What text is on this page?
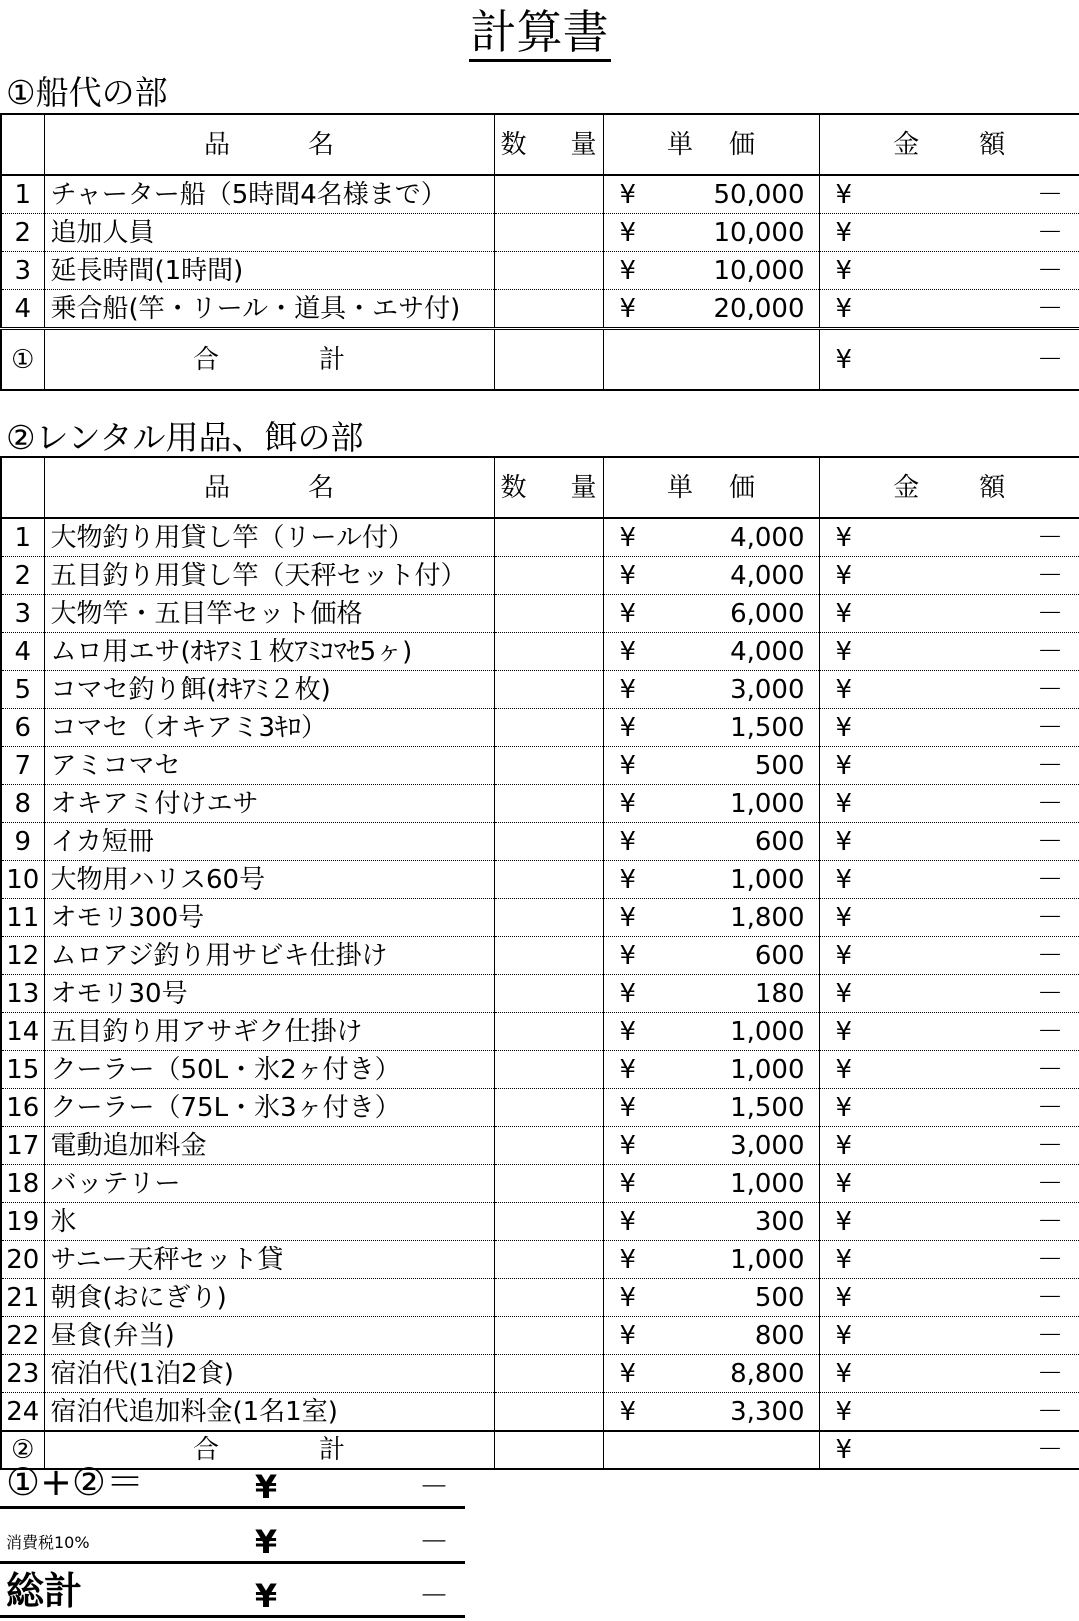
計算書
①船代の部

	品 名	数 量	単 価	金 額

1	チャーター船（5時間4名様まで）		¥ 50,000	¥ －

2	追加人員		¥ 10,000	¥ －

3	延長時間(1時間)		¥ 10,000	¥ －

4	乗合船(竿・リール・道具・エサ付)		¥ 20,000	¥ －

①	合 計			¥ －
②レンタル用品、餌の部

	品 名	数 量	単 価	金 額

1	大物釣り用貸し竿（リール付）		¥ 4,000	¥ －

2	五目釣り用貸し竿（天秤セット付）		¥ 4,000	¥ －

3	大物竿・五目竿セット価格		¥ 6,000	¥ －

4	ムロ用エサ(ｵｷｱﾐ１枚ｱﾐｺﾏｾ5ヶ)		¥ 4,000	¥ －

5	コマセ釣り餌(ｵｷｱﾐ２枚)		¥ 3,000	¥ －

6	コマセ（オキアミ3ｷﾛ）		¥ 1,500	¥ －

7	アミコマセ		¥ 500	¥ －

8	オキアミ付けエサ		¥ 1,000	¥ －

9	イカ短冊		¥ 600	¥ －

10	大物用ハリス60号		¥ 1,000	¥ －

11	オモリ300号		¥ 1,800	¥ －

12	ムロアジ釣り用サビキ仕掛け		¥ 600	¥ －

13	オモリ30号		¥ 180	¥ －

14	五目釣り用アサギク仕掛け		¥ 1,000	¥ －

15	クーラー（50L・氷2ヶ付き）		¥ 1,000	¥ －

16	クーラー（75L・氷3ヶ付き）		¥ 1,500	¥ －

17	電動追加料金		¥ 3,000	¥ －

18	バッテリー		¥ 1,000	¥ －

19	氷		¥ 300	¥ －

20	サニー天秤セット貸		¥ 1,000	¥ －

21	朝食(おにぎり)		¥ 500	¥ －

22	昼食(弁当)		¥ 800	¥ －

23	宿泊代(1泊2食)		¥ 8,800	¥ －

24	宿泊代追加料金(1名1室)		¥ 3,300	¥ －

②	合 計			¥ －
①+②＝	¥	－
消費税10%	¥	－
総計	¥	－
